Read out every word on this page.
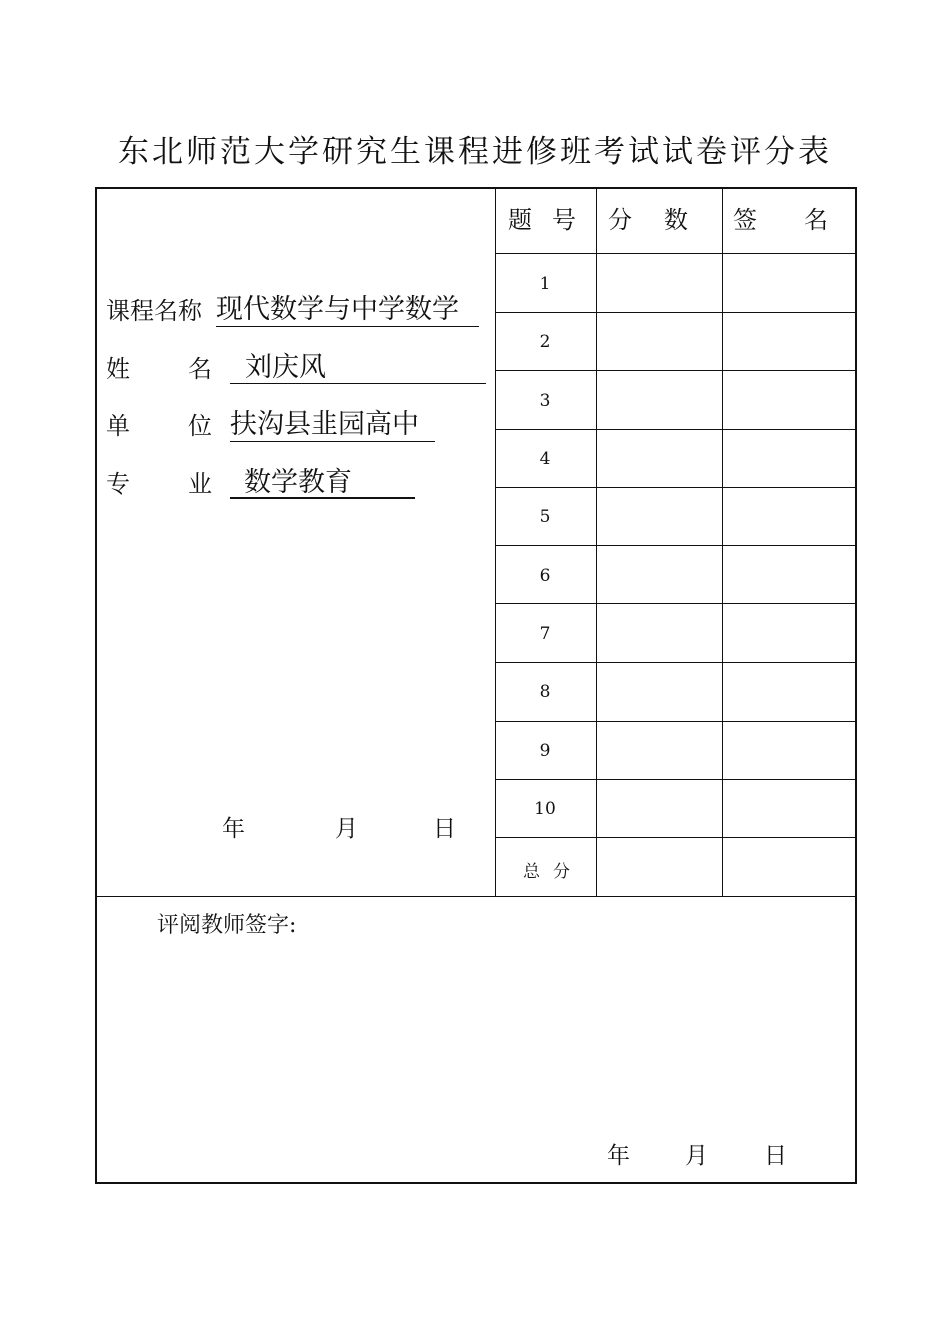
东北师范大学研究生课程进修班考试试卷评分表
题 号 分 数 签 名
1
2
3
4
5
6
7
8
9
10
总 分
课程名称 现代数学与中学数学
姓 名 刘庆风
单 位 扶沟县韭园高中
专 业 数学教育
年	月	日
评阅教师签字:
年 月 日
